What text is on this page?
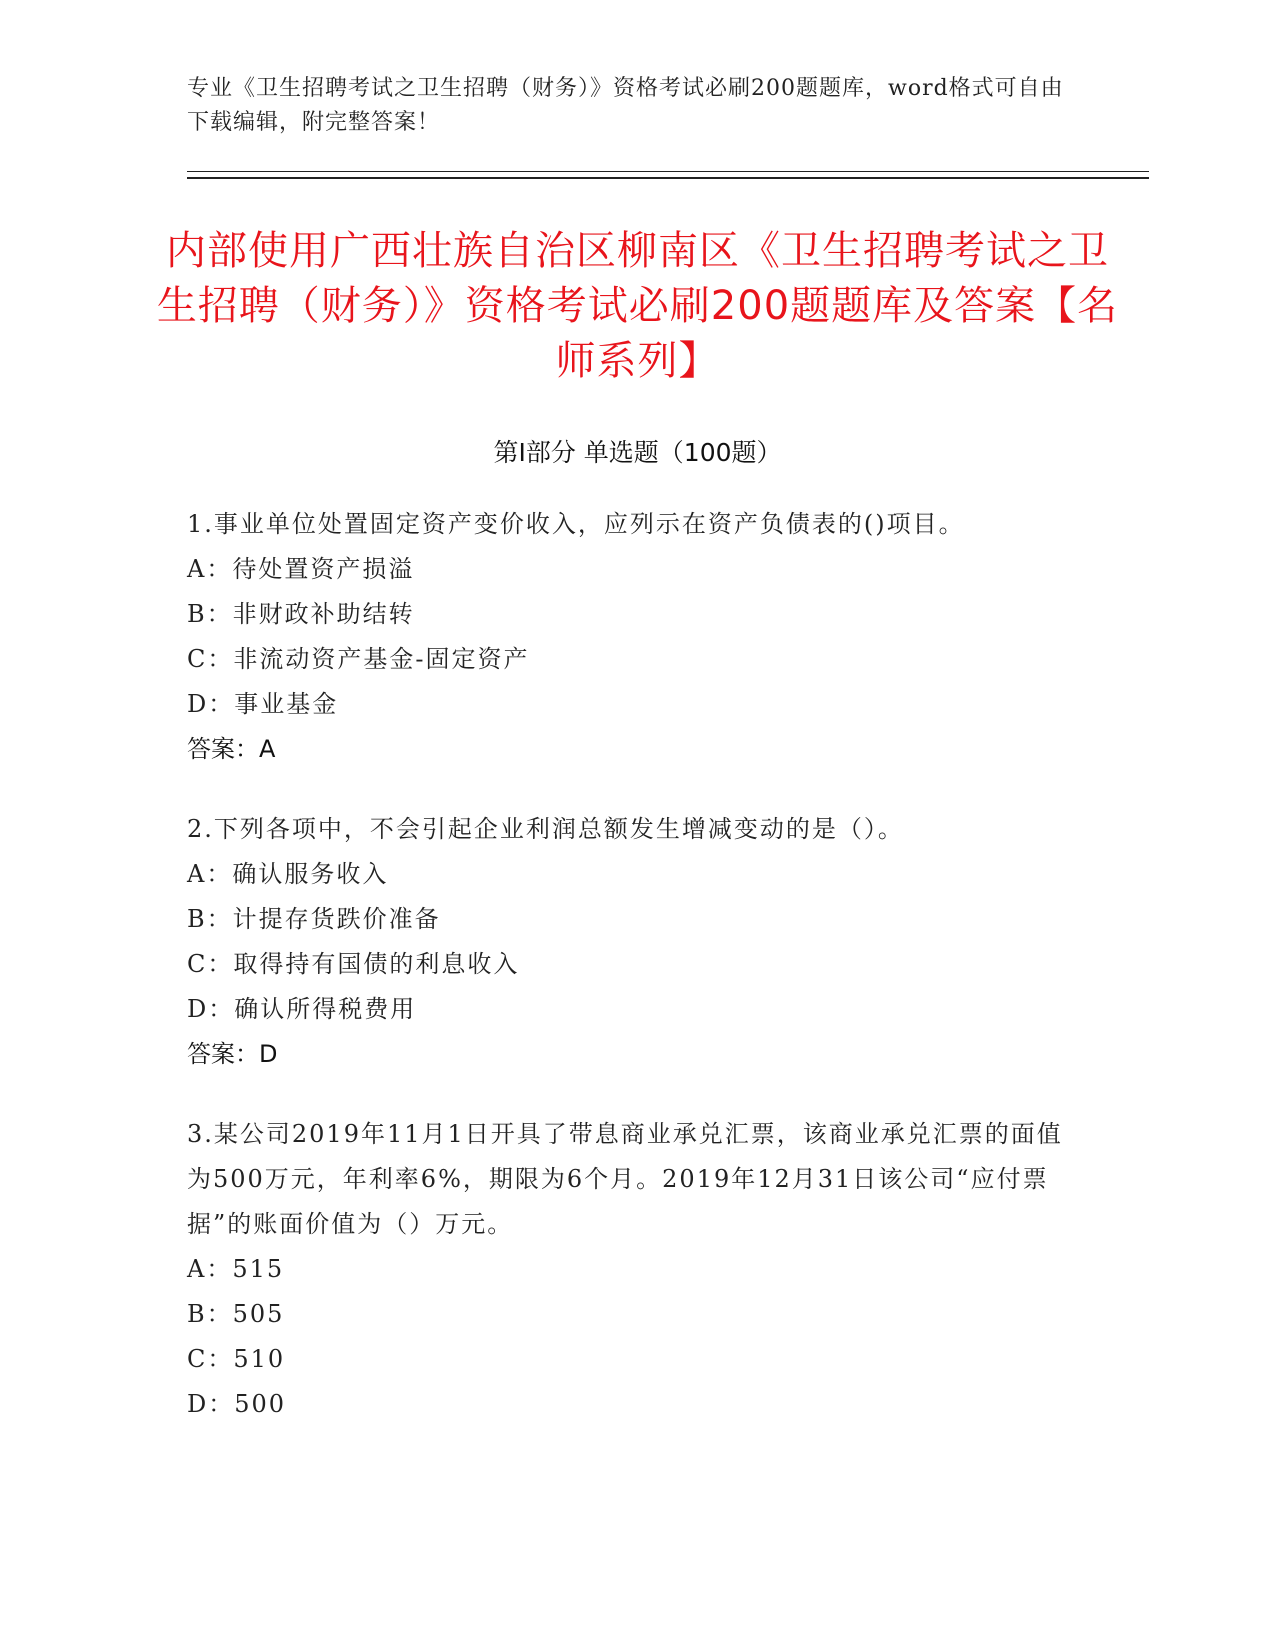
专业《卫生招聘考试之卫生招聘（财务）》资格考试必刷200题题库，word格式可自由下载编辑，附完整答案！
内部使用广西壮族自治区柳南区《卫生招聘考试之卫生招聘（财务）》资格考试必刷200题题库及答案【名师系列】
第I部分 单选题（100题）

1.事业单位处置固定资产变价收入，应列示在资产负债表的()项目。

A：待处置资产损溢

B：非财政补助结转

C：非流动资产基金-固定资产

D：事业基金

答案：A

2.下列各项中，不会引起企业利润总额发生增减变动的是（）。

A：确认服务收入

B：计提存货跌价准备

C：取得持有国债的利息收入

D：确认所得税费用

答案：D

3.某公司2019年11月1日开具了带息商业承兑汇票，该商业承兑汇票的面值为500万元，年利率6%，期限为6个月。2019年12月31日该公司“应付票据”的账面价值为（）万元。

A：515

B：505

C：510

D：500
